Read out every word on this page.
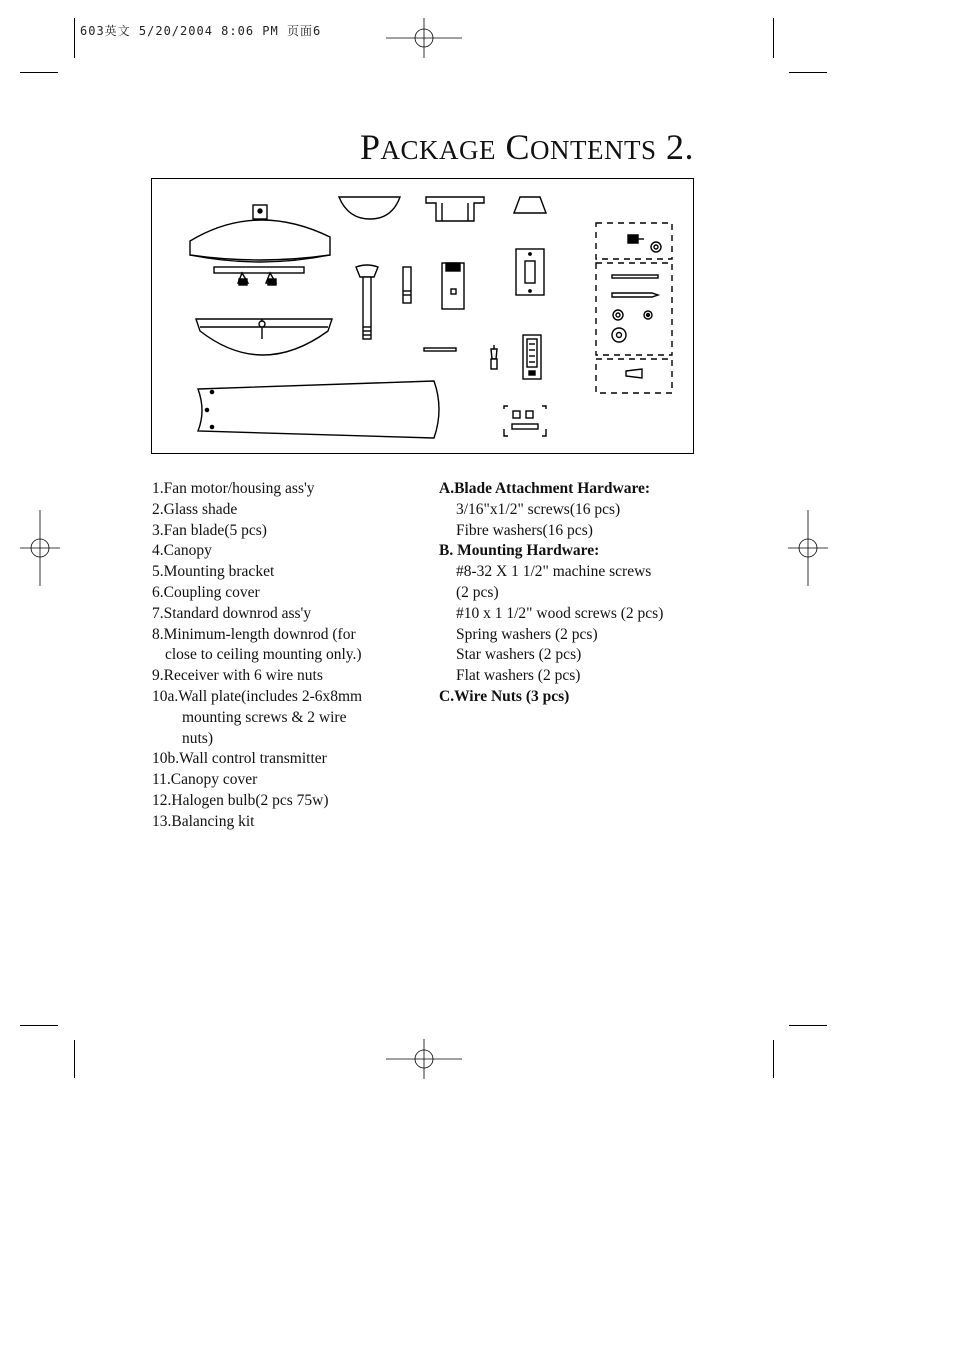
603英文 5/20/2004 8:06 PM 页面6
PACKAGE CONTENTS 2.

1.Fan motor/housing ass'y

2.Glass shade

3.Fan blade(5 pcs)

4.Canopy

5.Mounting bracket

6.Coupling cover

7.Standard downrod ass'y

8.Minimum-length downrod (for

close to ceiling mounting only.)

9.Receiver with 6 wire nuts

10a.Wall plate(includes 2-6x8mm

mounting screws & 2 wire

nuts)

10b.Wall control transmitter

11.Canopy cover

12.Halogen bulb(2 pcs 75w)

13.Balancing kit

A.Blade Attachment Hardware:

3/16"x1/2" screws(16 pcs)

Fibre washers(16 pcs)

B. Mounting Hardware:

#8-32 X 1 1/2" machine screws

(2 pcs)

#10 x 1 1/2" wood screws (2 pcs)

Spring washers (2 pcs)

Star washers (2 pcs)

Flat washers (2 pcs)

C.Wire Nuts (3 pcs)
